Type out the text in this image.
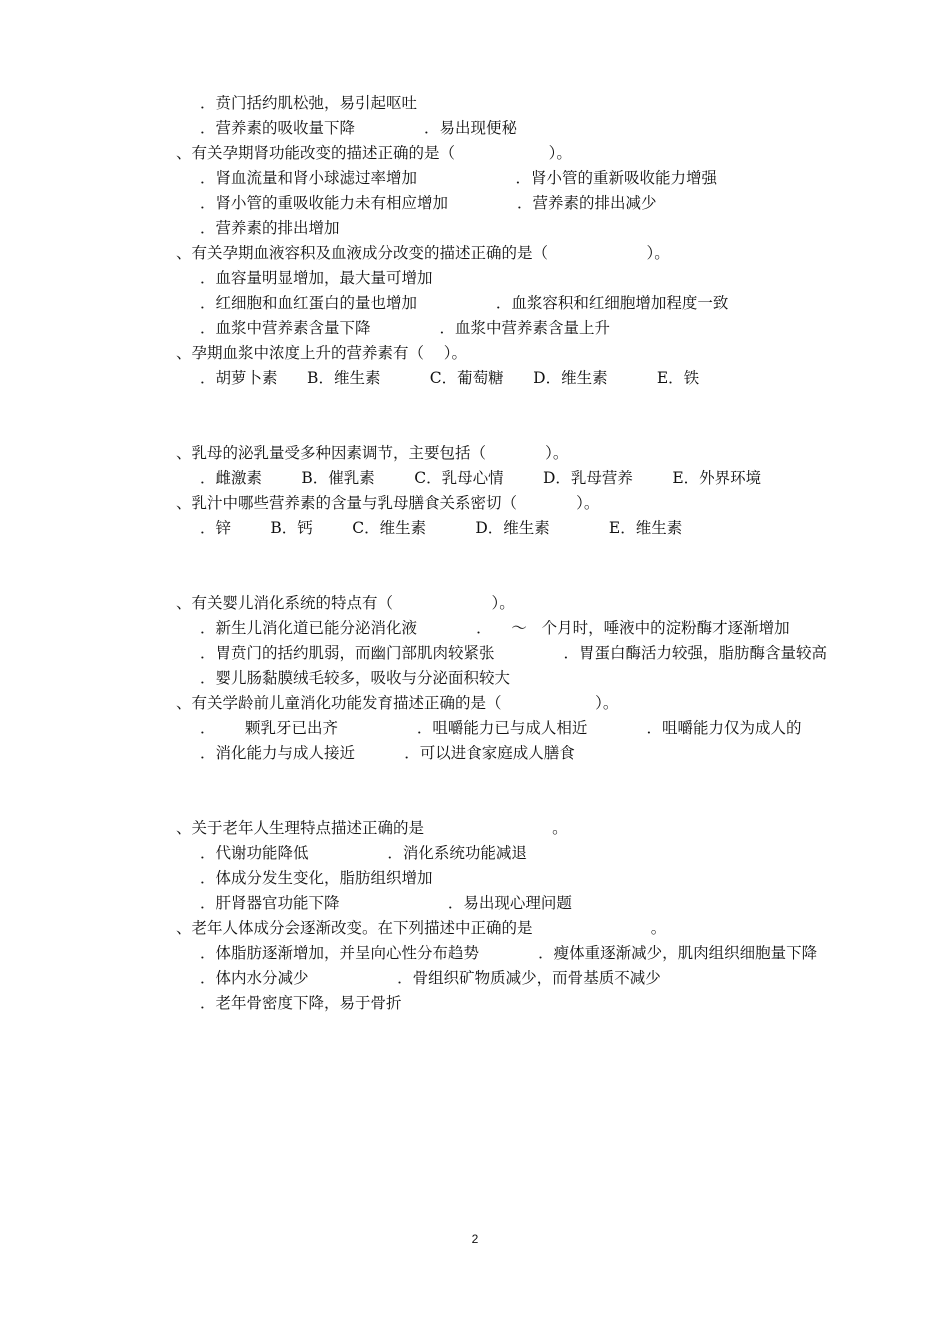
．贲门括约肌松弛，易引起呕吐
．营养素的吸收量下降              ．易出现便秘
、有关孕期肾功能改变的描述正确的是（                   ）。
．肾血流量和肾小球滤过率增加                    ．肾小管的重新吸收能力增强
．肾小管的重吸收能力未有相应增加              ．营养素的排出减少
．营养素的排出增加
、有关孕期血液容积及血液成分改变的描述正确的是（                    ）。
．血容量明显增加，最大量可增加
．红细胞和血红蛋白的量也增加                ．血浆容积和红细胞增加程度一致
．血浆中营养素含量下降              ．血浆中营养素含量上升
、孕期血浆中浓度上升的营养素有（    ）。
．胡萝卜素      B．维生素          C．葡萄糖      D．维生素          E．铁
、乳母的泌乳量受多种因素调节，主要包括（            ）。
．雌激素        B．催乳素        C．乳母心情        D．乳母营养        E．外界环境
、乳汁中哪些营养素的含量与乳母膳食关系密切（            ）。
．锌        B．钙        C．维生素          D．维生素            E．维生素
、有关婴儿消化系统的特点有（                    ）。
．新生儿消化道已能分泌消化液            ．    ～   个月时，唾液中的淀粉酶才逐渐增加
．胃贲门的括约肌弱，而幽门部肌肉较紧张              ．胃蛋白酶活力较强，脂肪酶含量较高
．婴儿肠黏膜绒毛较多，吸收与分泌面积较大
、有关学龄前儿童消化功能发育描述正确的是（                   ）。
．      颗乳牙已出齐                ．咀嚼能力已与成人相近            ．咀嚼能力仅为成人的
．消化能力与成人接近          ．可以进食家庭成人膳食
、关于老年人生理特点描述正确的是                          。
．代谢功能降低                ．消化系统功能减退
．体成分发生变化，脂肪组织增加
．肝肾器官功能下降                      ．易出现心理问题
、老年人体成分会逐渐改变。在下列描述中正确的是                        。
．体脂肪逐渐增加，并呈向心性分布趋势            ．瘦体重逐渐减少，肌肉组织细胞量下降
．体内水分减少                  ．骨组织矿物质减少，而骨基质不减少
．老年骨密度下降，易于骨折
2
